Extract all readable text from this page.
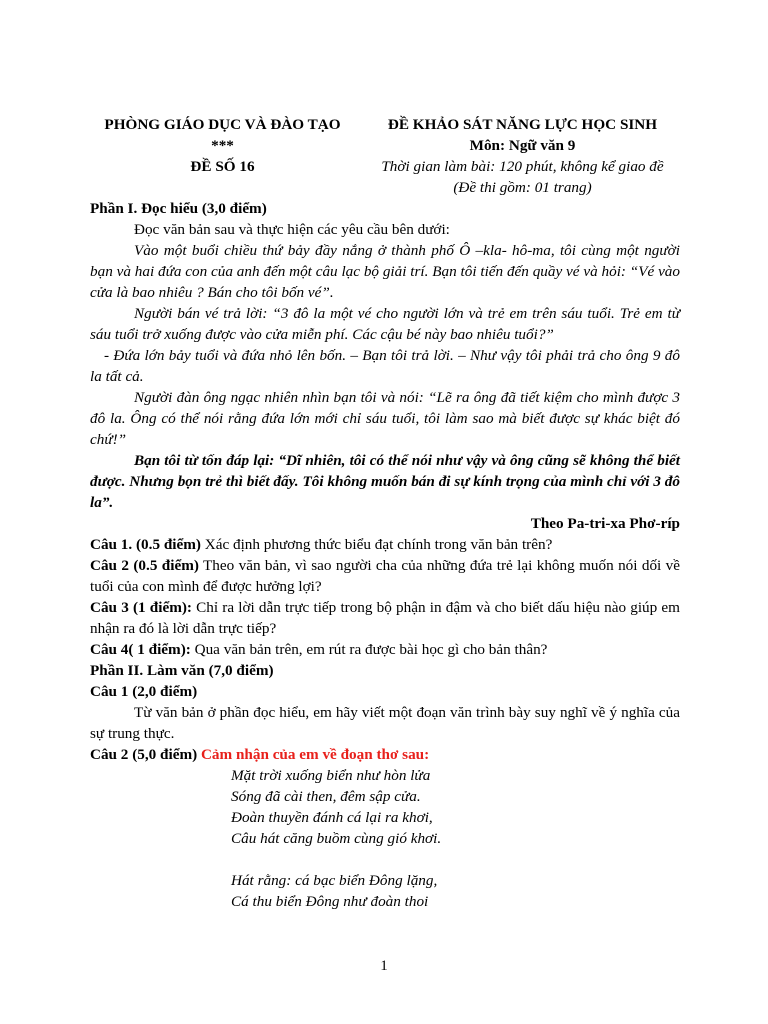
PHÒNG GIÁO DỤC VÀ ĐÀO TẠO
***
ĐỀ SỐ 16
ĐỀ KHẢO SÁT NĂNG LỰC HỌC SINH
Môn: Ngữ văn 9
Thời gian làm bài: 120 phút, không kể giao đề
(Đề thi gồm: 01 trang)

Phần I. Đọc hiểu (3,0 điểm)

Đọc văn bản sau và thực hiện các yêu cầu bên dưới:

Vào một buổi chiều thứ bảy đầy nắng ở thành phố Ô –kla- hô-ma, tôi cùng một người bạn và hai đứa con của anh đến một câu lạc bộ giải trí. Bạn tôi tiến đến quầy vé và hỏi: “Vé vào cửa là bao nhiêu ? Bán cho tôi bốn vé”.

Người bán vé trả lời: “3 đô la một vé cho người lớn và trẻ em trên sáu tuổi. Trẻ em từ sáu tuổi trở xuống được vào cửa miễn phí. Các cậu bé này bao nhiêu tuổi?”

- Đứa lớn bảy tuổi và đứa nhỏ lên bốn. – Bạn tôi trả lời. – Như vậy tôi phải trả cho ông 9 đô la tất cả.

Người đàn ông ngạc nhiên nhìn bạn tôi và nói: “Lẽ ra ông đã tiết kiệm cho mình được 3 đô la. Ông có thể nói rằng đứa lớn mới chỉ sáu tuổi, tôi làm sao mà biết được sự khác biệt đó chứ!”

Bạn tôi từ tốn đáp lại: “Dĩ nhiên, tôi có thể nói như vậy và ông cũng sẽ không thể biết được. Nhưng bọn trẻ thì biết đấy. Tôi không muốn bán đi sự kính trọng của mình chỉ với 3 đô la”.

Theo Pa-tri-xa Phơ-ríp

Câu 1. (0.5 điểm) Xác định phương thức biểu đạt chính trong văn bản trên?

Câu 2 (0.5 điểm) Theo văn bản, vì sao người cha của những đứa trẻ lại không muốn nói dối về tuổi của con mình để được hưởng lợi?

Câu 3 (1 điểm): Chỉ ra lời dẫn trực tiếp trong bộ phận in đậm và cho biết dấu hiệu nào giúp em nhận ra đó là lời dẫn trực tiếp?

Câu 4( 1 điểm): Qua văn bản trên, em rút ra được bài học gì cho bản thân?

Phần II. Làm văn (7,0 điểm)

Câu 1 (2,0 điểm)

Từ văn bản ở phần đọc hiểu, em hãy viết một đoạn văn trình bày suy nghĩ về ý nghĩa của sự trung thực.

Câu 2 (5,0 điểm) Cảm nhận của em về đoạn thơ sau:

Mặt trời xuống biển như hòn lửa
Sóng đã cài then, đêm sập cửa.
Đoàn thuyền đánh cá lại ra khơi,
Câu hát căng buồm cùng gió khơi.
Hát rằng: cá bạc biển Đông lặng,
Cá thu biển Đông như đoàn thoi
1
